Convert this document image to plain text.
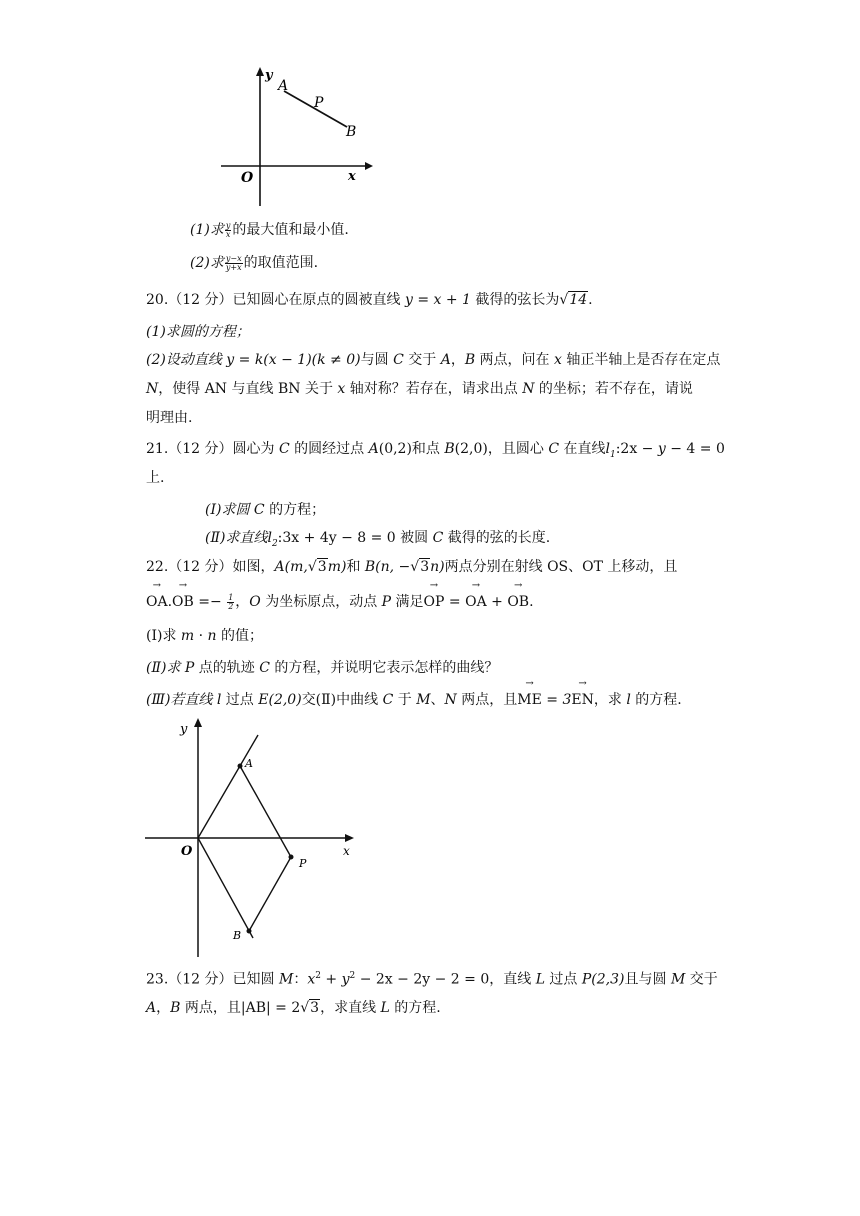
y
x
O
A
P
B
(1)求 $\frac{y}{x}$ 的最大值和最小值.
(2)求 $\frac{y-x}{y+x}$ 的取值范围.
20.（12 分）已知圆心在原点的圆被直线 y = x + 1 截得的弦长为√14.
(1)求圆的方程；
(2)设动直线 y = k(x − 1)(k ≠ 0)与圆 C 交于 A，B 两点，问在 x 轴正半轴上是否存在定点
N，使得 AN 与直线 BN 关于 x 轴对称？若存在，请求出点 N 的坐标；若不存在，请说
明理由.
21.（12 分）圆心为 C 的圆经过点 A(0,2)和点 B(2,0)，且圆心 C 在直线$l_1:2x - y - 4 = 0$
上.
(Ⅰ)求圆 C 的方程；
(Ⅱ)求直线$l_2:3x + 4y - 8 = 0$ 被圆 C 截得的弦的长度.
22.（12 分）如图，A(m,√3m)和 B(n, −√3n)两点分别在射线 OS、OT 上移动，且
→ OA.→ OB =− $\frac{1}{2}$ ，O 为坐标原点，动点 P 满足→ OP = → OA + → OB.
(Ⅰ)求 m · n 的值；
(Ⅱ)求 P 点的轨迹 C 的方程，并说明它表示怎样的曲线？
(Ⅲ)若直线 l 过点 E(2,0)交(Ⅱ)中曲线 C 于 M、N 两点，且→ ME = 3→ EN，求 l 的方程.
y
x
O
A
P
B
23.（12 分）已知圆 M：$x^2 + y^2 - 2x - 2y - 2 = 0$，直线 L 过点 P(2,3)且与圆 M 交于
A，B 两点，且|AB| = 2√3，求直线 L 的方程.
